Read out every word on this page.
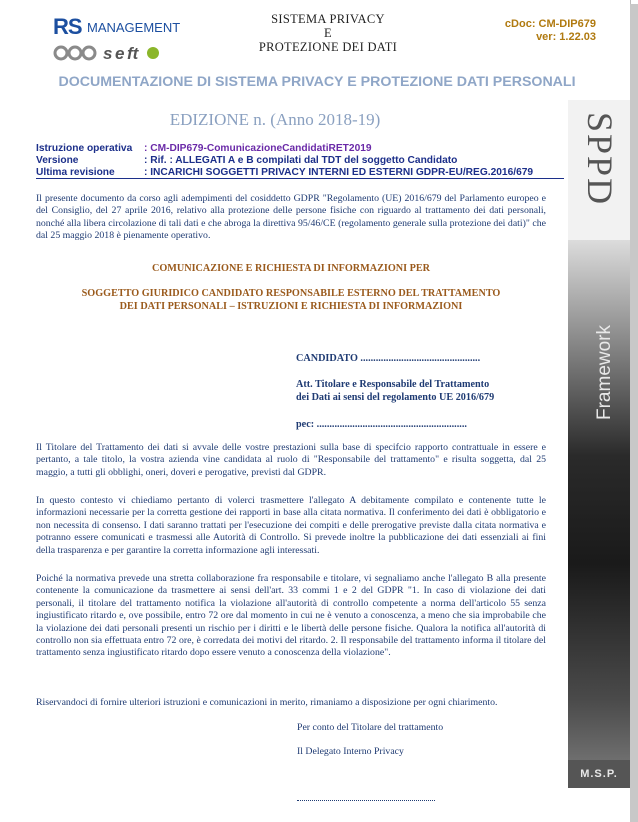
RS MANAGEMENT
s e ft
SISTEMA PRIVACY
E
PROTEZIONE DEI DATI
cDoc: CM-DIP679
ver: 1.22.03
DOCUMENTAZIONE DI SISTEMA PRIVACY E PROTEZIONE DATI PERSONALI
EDIZIONE n. (Anno 2018-19)
Istruzione operativa : CM-DIP679-ComunicazioneCandidatiRET2019
Versione	: Rif. : ALLEGATI A e B compilati dal TDT del soggetto Candidato
Ultima revisione	: INCARICHI SOGGETTI PRIVACY INTERNI ED ESTERNI GDPR-EU/REG.2016/679	SPPD
Framework
M.S.P.
Il presente documento da corso agli adempimenti del cosiddetto GDPR "Regolamento (UE) 2016/679 del Parlamento europeo e del Consiglio, del 27 aprile 2016, relativo alla protezione delle persone fisiche con riguardo al trattamento dei dati personali, nonché alla libera circolazione di tali dati e che abroga la direttiva 95/46/CE (regolamento generale sulla protezione dei dati)" che dal 25 maggio 2018 è pienamente operativo.
COMUNICAZIONE E RICHIESTA DI INFORMAZIONI PER
SOGGETTO GIURIDICO CANDIDATO RESPONSABILE ESTERNO DEL TRATTAMENTO
DEI DATI PERSONALI – ISTRUZIONI E RICHIESTA DI INFORMAZIONI
CANDIDATO ...............................................
Att. Titolare e Responsabile del Trattamento
dei Dati ai sensi del regolamento UE 2016/679
pec: ...........................................................
Il Titolare del Trattamento dei dati si avvale delle vostre prestazioni sulla base di specifcio rapporto contrattuale in essere e pertanto, a tale titolo, la vostra azienda vine candidata al ruolo di "Responsabile del trattamento" e risulta soggetta, dal 25 maggio, a tutti gli obblighi, oneri, doveri e perogative, previsti dal GDPR.
In questo contesto vi chiediamo pertanto di volerci trasmettere l'allegato A debitamente compilato e contenente tutte le informazioni necessarie per la corretta gestione dei rapporti in base alla citata normativa. Il conferimento dei dati è obbligatorio e non necessita di consenso. I dati saranno trattati per l'esecuzione dei compiti e delle prerogative previste dalla citata normativa e potranno essere comunicati e trasmessi alle Autorità di Controllo. Si prevede inoltre la pubblicazione dei dati essenziali ai fini della trasparenza e per garantire la corretta informazione agli interessati.
Poiché la normativa prevede una stretta collaborazione fra responsabile e titolare, vi segnaliamo anche l'allegato B alla presente contenente la comunicazione da trasmettere ai sensi dell'art. 33 commi 1 e 2 del GDPR "1. In caso di violazione dei dati personali, il titolare del trattamento notifica la violazione all'autorità di controllo competente a norma dell'articolo 55 senza ingiustificato ritardo e, ove possibile, entro 72 ore dal momento in cui ne è venuto a conoscenza, a meno che sia improbabile che la violazione dei dati personali presenti un rischio per i diritti e le libertà delle persone fisiche. Qualora la notifica all'autorità di controllo non sia effettuata entro 72 ore, è corredata dei motivi del ritardo. 2. Il responsabile del trattamento informa il titolare del trattamento senza ingiustificato ritardo dopo essere venuto a conoscenza della violazione".
Riservandoci di fornire ulteriori istruzioni e comunicazioni in merito, rimaniamo a disposizione per ogni chiarimento.
Per conto del Titolare del trattamento
Il Delegato Interno Privacy
